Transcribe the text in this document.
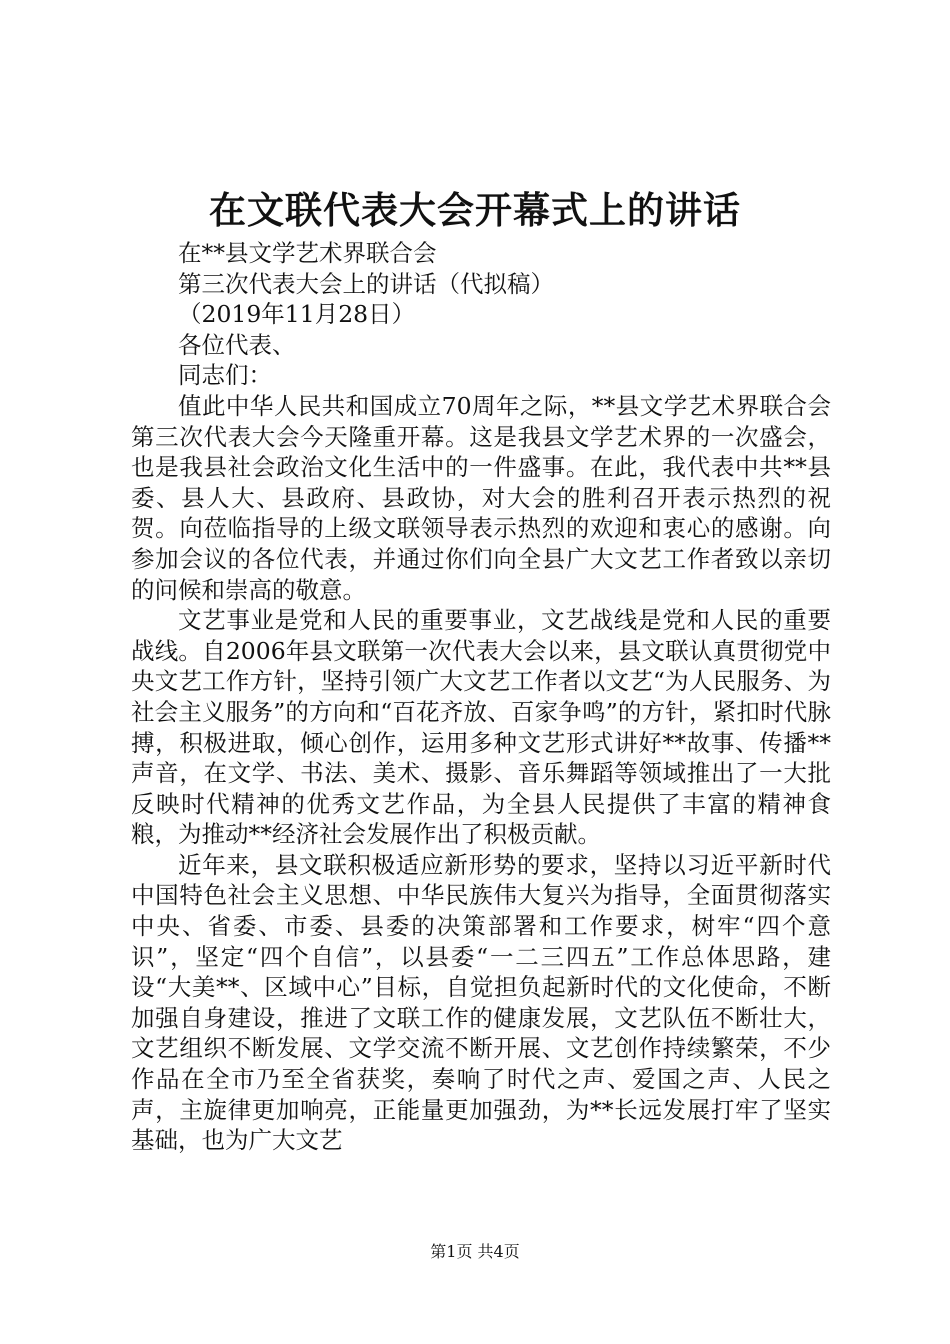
在文联代表大会开幕式上的讲话

在**县文学艺术界联合会

第三次代表大会上的讲话（代拟稿）

（2019年11月28日）

各位代表、

同志们：

值此中华人民共和国成立70周年之际，**县文学艺术界联合会第三次代表大会今天隆重开幕。这是我县文学艺术界的一次盛会，也是我县社会政治文化生活中的一件盛事。在此，我代表中共**县委、县人大、县政府、县政协，对大会的胜利召开表示热烈的祝贺。向莅临指导的上级文联领导表示热烈的欢迎和衷心的感谢。向参加会议的各位代表，并通过你们向全县广大文艺工作者致以亲切的问候和崇高的敬意。

文艺事业是党和人民的重要事业，文艺战线是党和人民的重要战线。自2006年县文联第一次代表大会以来，县文联认真贯彻党中央文艺工作方针，坚持引领广大文艺工作者以文艺“为人民服务、为社会主义服务”的方向和“百花齐放、百家争鸣”的方针，紧扣时代脉搏，积极进取，倾心创作，运用多种文艺形式讲好**故事、传播**声音，在文学、书法、美术、摄影、音乐舞蹈等领域推出了一大批反映时代精神的优秀文艺作品，为全县人民提供了丰富的精神食粮，为推动**经济社会发展作出了积极贡献。

近年来，县文联积极适应新形势的要求，坚持以习近平新时代中国特色社会主义思想、中华民族伟大复兴为指导，全面贯彻落实中央、省委、市委、县委的决策部署和工作要求，树牢“四个意识”，坚定“四个自信”，以县委“一二三四五”工作总体思路，建设“大美**、区域中心”目标，自觉担负起新时代的文化使命，不断加强自身建设，推进了文联工作的健康发展，文艺队伍不断壮大，文艺组织不断发展、文学交流不断开展、文艺创作持续繁荣，不少作品在全市乃至全省获奖，奏响了时代之声、爱国之声、人民之声，主旋律更加响亮，正能量更加强劲，为**长远发展打牢了坚实基础，也为广大文艺

第1页 共4页
